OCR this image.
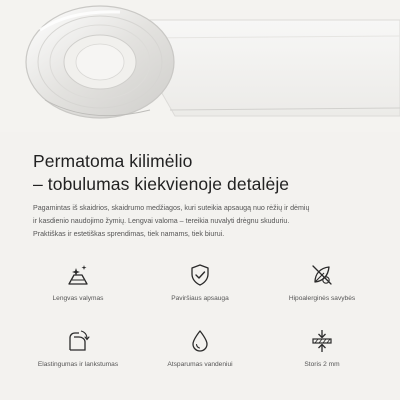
Permatoma kilimėlio
– tobulumas kiekvienoje detalėje
Pagamintas iš skaidrios, skaidrumo medžiagos, kuri suteikia apsaugą nuo rėžių ir dėmių
ir kasdienio naudojimo žymių. Lengvai valoma – tereikia nuvalyti drėgnu skuduriu.
Praktiškas ir estetiškas sprendimas, tiek namams, tiek biurui.
Lengvas valymas	Paviršiaus apsauga	Hipoalerginės savybės
Elastingumas ir lankstumas	Atsparumas vandeniui	Storis 2 mm
